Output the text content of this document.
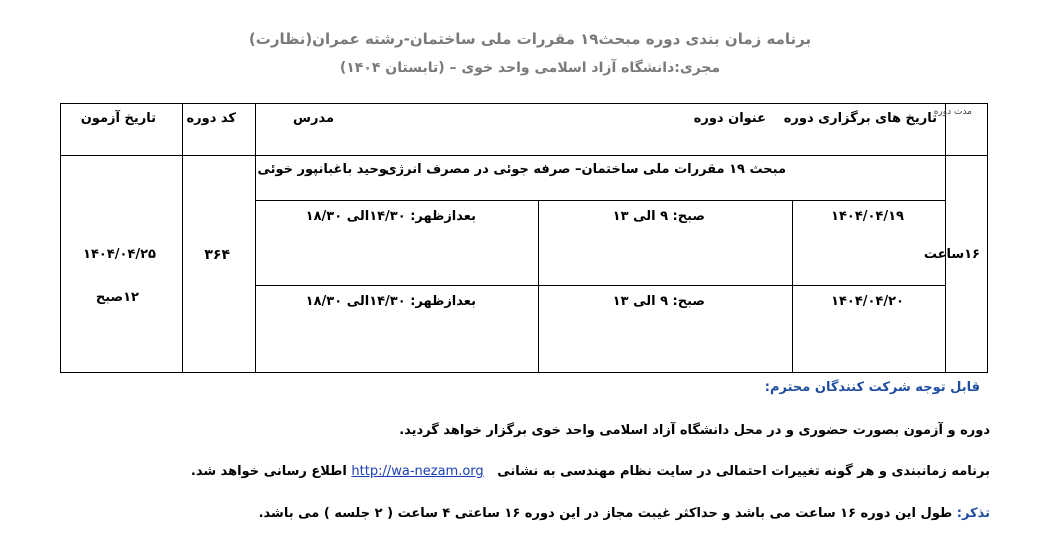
برنامه زمان بندی دوره مبحث۱۹ مقررات ملی ساختمان-رشته عمران(نظارت)
مجری:دانشگاه آزاد اسلامی واحد خوی – (تابستان ۱۴۰۴)
مدت دوره
تاریخ های برگزاری دوره
عنوان دوره
مدرس
کد دوره
تاریخ آزمون
مبحث ۱۹ مقررات ملی ساختمان– صرفه جوئی در مصرف انرژی
وحید باغبانپور خوئی
۱۴۰۴/۰۴/۱۹
صبح: ۹ الی ۱۳
بعدازظهر: ۱۴/۳۰الی ۱۸/۳۰
۱۴۰۴/۰۴/۲۰
صبح: ۹ الی ۱۳
بعدازظهر: ۱۴/۳۰الی ۱۸/۳۰
۱۶ساعت
۳۶۴
۱۴۰۴/۰۴/۲۵
۱۲صبح
قابل توجه شرکت کنندگان محترم:
دوره و آزمون بصورت حضوری و در محل دانشگاه آزاد اسلامی واحد خوی برگزار خواهد گردید.
برنامه زمانبندی و هر گونه تغییرات احتمالی در سایت نظام مهندسی به نشانی   http://wa-nezam.org اطلاع رسانی خواهد شد.
تذکر: طول این دوره ۱۶ ساعت می باشد و حداکثر غیبت مجاز در این دوره ۱۶ ساعتی ۴ ساعت ( ۲ جلسه ) می باشد.
